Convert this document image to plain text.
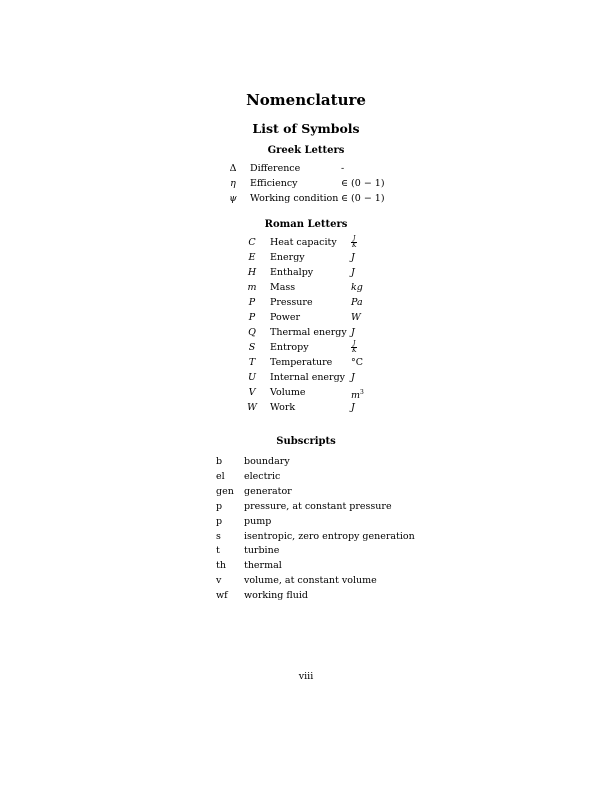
Nomenclature
List of Symbols
Greek Letters
Δ	Difference	-
η	Efficiency	∈ (0 − 1)
ψ	Working condition ∈ (0 − 1)
Roman Letters
C	Heat capacity $\frac{J}{K}$
E	Energy	J
H	Enthalpy	J
m Mass	kg
P	Pressure	Pa
P	Power	W
Q	Thermal energy J
S	Entropy	$\frac{J}{K}$
T	Temperature °C
U	Internal energy J
V	Volume	$m^3$
W Work	J
Subscripts
b boundary
el electric
gen generator
p pressure, at constant pressure
p pump
s isentropic, zero entropy generation
t	turbine
th thermal
v volume, at constant volume
wf working fluid
viii
